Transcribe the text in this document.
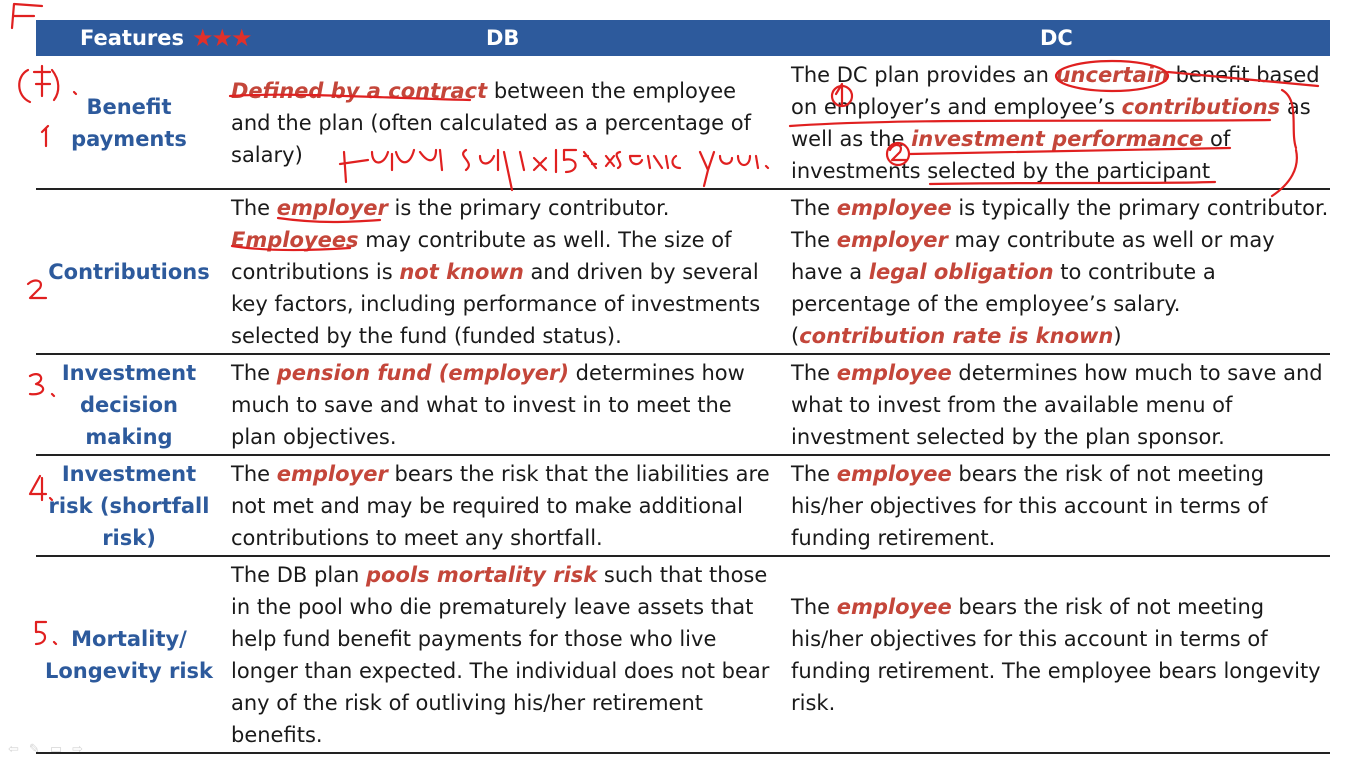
Features ★★★	DB	DC
Benefit payments
Defined by a contract between the employee and the plan (often calculated as a percentage of salary)
The DC plan provides an uncertain benefit based on employer’s and employee’s contributions as well as the investment performance of investments selected by the participant
Contributions
The employer is the primary contributor. Employees may contribute as well. The size of contributions is not known and driven by several key factors, including performance of investments selected by the fund (funded status).
The employee is typically the primary contributor. The employer may contribute as well or may have a legal obligation to contribute a percentage of the employee’s salary. (contribution rate is known)
Investment decision making
The pension fund (employer) determines how much to save and what to invest in to meet the plan objectives.
The employee determines how much to save and what to invest from the available menu of investment selected by the plan sponsor.
Investment risk (shortfall risk)
The employer bears the risk that the liabilities are not met and may be required to make additional contributions to meet any shortfall.
The employee bears the risk of not meeting his/her objectives for this account in terms of funding retirement.
Mortality/ Longevity risk
The DB plan pools mortality risk such that those in the pool who die prematurely leave assets that help fund benefit payments for those who live longer than expected. The individual does not bear any of the risk of outliving his/her retirement benefits.
The employee bears the risk of not meeting his/her objectives for this account in terms of funding retirement. The employee bears longevity risk.
⇦ ✎ ▭ ⇨
